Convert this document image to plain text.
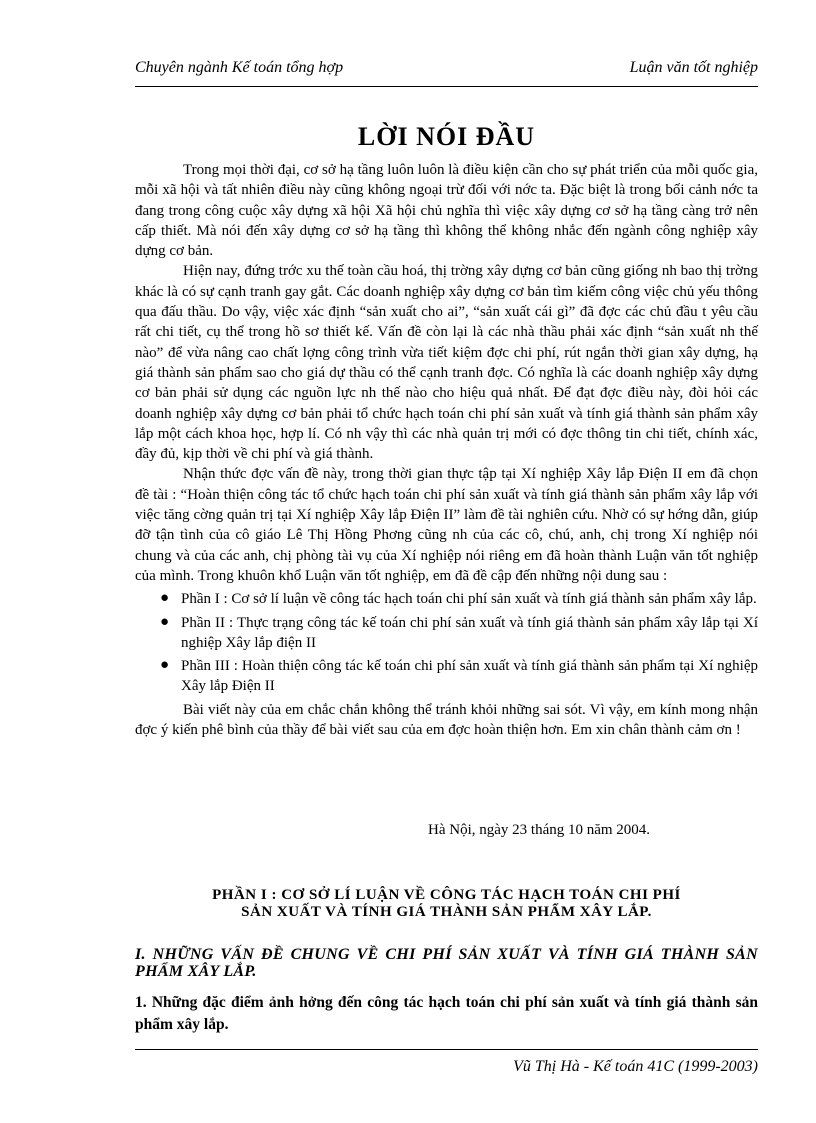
Chuyên ngành Kế toán tổng hợp	Luận văn tốt nghiệp
LỜI NÓI ĐẦU

Trong mọi thời đại, cơ sở hạ tầng luôn luôn là điều kiện cần cho sự phát triển của mỗi quốc gia, mỗi xã hội và tất nhiên điều này cũng không ngoại trừ đối với nớc ta. Đặc biệt là trong bối cảnh nớc ta đang trong công cuộc xây dựng xã hội Xã hội chủ nghĩa thì việc xây dựng cơ sở hạ tầng càng trở nên cấp thiết. Mà nói đến xây dựng cơ sở hạ tầng thì không thể không nhắc đến ngành công nghiệp xây dựng cơ bản.

Hiện nay, đứng trớc xu thế toàn cầu hoá, thị trờng xây dựng cơ bản cũng giống nh bao thị trờng khác là có sự cạnh tranh gay gắt. Các doanh nghiệp xây dựng cơ bản tìm kiếm công việc chủ yếu thông qua đấu thầu. Do vậy, việc xác định “sản xuất cho ai”, “sản xuất cái gì” đã đợc các chủ đầu t yêu cầu rất chi tiết, cụ thể trong hồ sơ thiết kế. Vấn đề còn lại là các nhà thầu phải xác định “sản xuất nh thế nào” để vừa nâng cao chất lợng công trình vừa tiết kiệm đợc chi phí, rút ngắn thời gian xây dựng, hạ giá thành sản phẩm sao cho giá dự thầu có thể cạnh tranh đợc. Có nghĩa là các doanh nghiệp xây dựng cơ bản phải sử dụng các nguồn lực nh thế nào cho hiệu quả nhất. Để đạt đợc điều này, đòi hỏi các doanh nghiệp xây dựng cơ bản phải tổ chức hạch toán chi phí sản xuất và tính giá thành sản phẩm xây lắp một cách khoa học, hợp lí. Có nh vậy thì các nhà quản trị mới có đợc thông tin chi tiết, chính xác, đầy đủ, kịp thời về chi phí và giá thành.

Nhận thức đợc vấn đề này, trong thời gian thực tập tại Xí nghiệp Xây lắp Điện II em đã chọn đề tài : “Hoàn thiện công tác tổ chức hạch toán chi phí sản xuất và tính giá thành sản phẩm xây lắp với việc tăng cờng quản trị tại Xí nghiệp Xây lắp Điện II” làm đề tài nghiên cứu. Nhờ có sự hớng dẫn, giúp đỡ tận tình của cô giáo Lê Thị Hồng Phơng cũng nh của các cô, chú, anh, chị trong Xí nghiệp nói chung và của các anh, chị phòng tài vụ của Xí nghiệp nói riêng em đã hoàn thành Luận văn tốt nghiệp của mình. Trong khuôn khổ Luận văn tốt nghiệp, em đã đề cập đến những nội dung sau :

● Phần I : Cơ sở lí luận về công tác hạch toán chi phí sản xuất và tính giá thành sản phẩm xây lắp.
● Phần II : Thực trạng công tác kế toán chi phí sản xuất và tính giá thành sản phẩm xây lắp tại Xí nghiệp Xây lắp điện II
● Phần III : Hoàn thiện công tác kế toán chi phí sản xuất và tính giá thành sản phẩm tại Xí nghiệp Xây lắp Điện II

Bài viết này của em chắc chắn không thể tránh khỏi những sai sót. Vì vậy, em kính mong nhận đợc ý kiến phê bình của thầy để bài viết sau của em đợc hoàn thiện hơn. Em xin chân thành cảm ơn !

Hà Nội, ngày 23 tháng 10 năm 2004.
PHẦN I : CƠ SỞ LÍ LUẬN VỀ CÔNG TÁC HẠCH TOÁN CHI PHÍ
SẢN XUẤT VÀ TÍNH GIÁ THÀNH SẢN PHẨM XÂY LẮP.
I. NHỮNG VẤN ĐỀ CHUNG VỀ CHI PHÍ SẢN XUẤT VÀ TÍNH GIÁ THÀNH SẢN PHẨM XÂY LẮP.
1. Những đặc điểm ảnh hởng đến công tác hạch toán chi phí sản xuất và tính giá thành sản phẩm xây lắp.
Vũ Thị Hà - Kế toán 41C (1999-2003)
